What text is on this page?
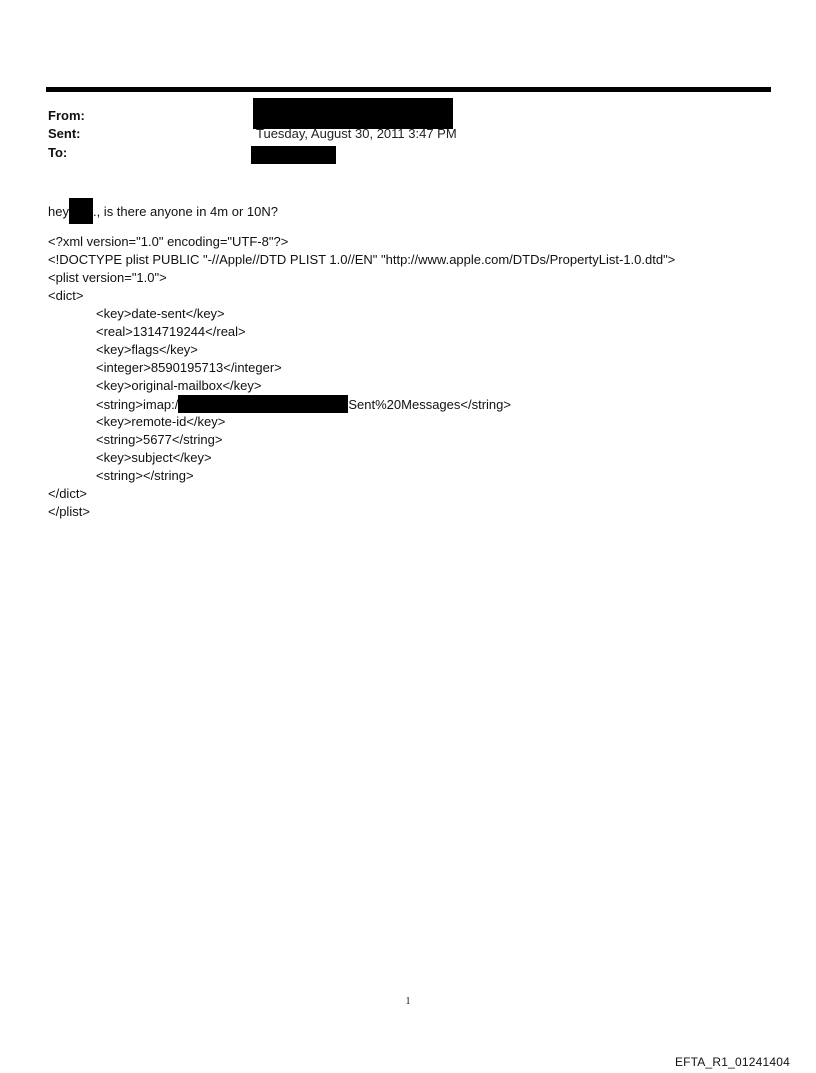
From:
Sent:	Tuesday, August 30, 2011 3:47 PM
To:
hey ., is there anyone in 4m or 10N?
<?xml version="1.0" encoding="UTF-8"?>
<!DOCTYPE plist PUBLIC "-//Apple//DTD PLIST 1.0//EN" "http://www.apple.com/DTDs/PropertyList-1.0.dtd">
<plist version="1.0">
<dict>
<key>date-sent</key>
<real>1314719244</real>
<key>flags</key>
<integer>8590195713</integer>
<key>original-mailbox</key>
<string>imap:/	Sent%20Messages</string>
<key>remote-id</key>
<string>5677</string>
<key>subject</key>
<string></string>
</dict>
</plist>
1
EFTA_R1_01241404
